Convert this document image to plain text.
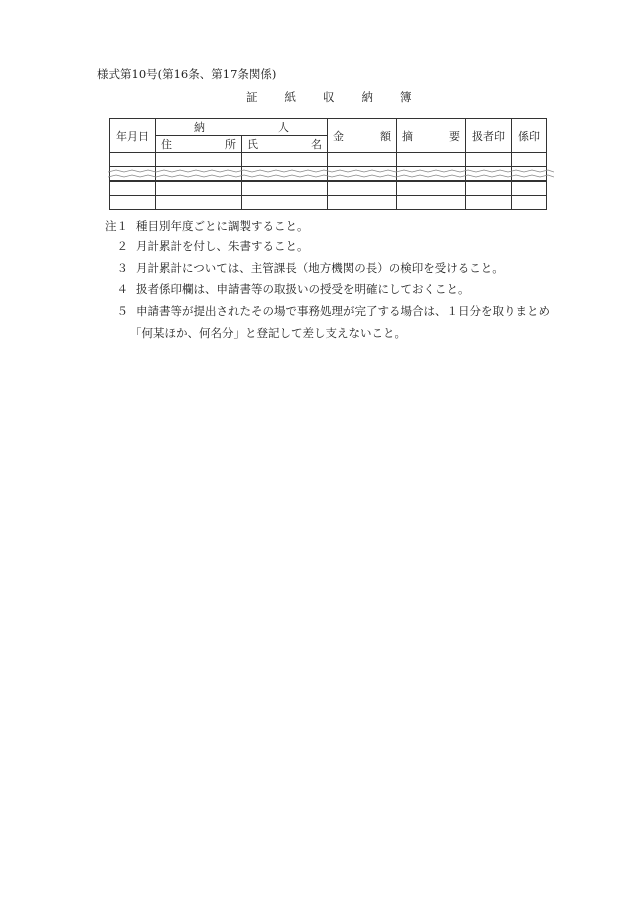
様式第10号(第16条、第17条関係)
証 紙 収 納 簿
年月日	納 人		金 額	摘 要	扱者印	係印

	住 所	氏 名				

注１ 種目別年度ごとに調製すること。
２ 月計累計を付し、朱書すること。
３ 月計累計については、主管課長（地方機関の長）の検印を受けること。
４ 扱者係印欄は、申請書等の取扱いの授受を明確にしておくこと。
５ 申請書等が提出されたその場で事務処理が完了する場合は、１日分を取りまとめ
「何某ほか、何名分」と登記して差し支えないこと。
